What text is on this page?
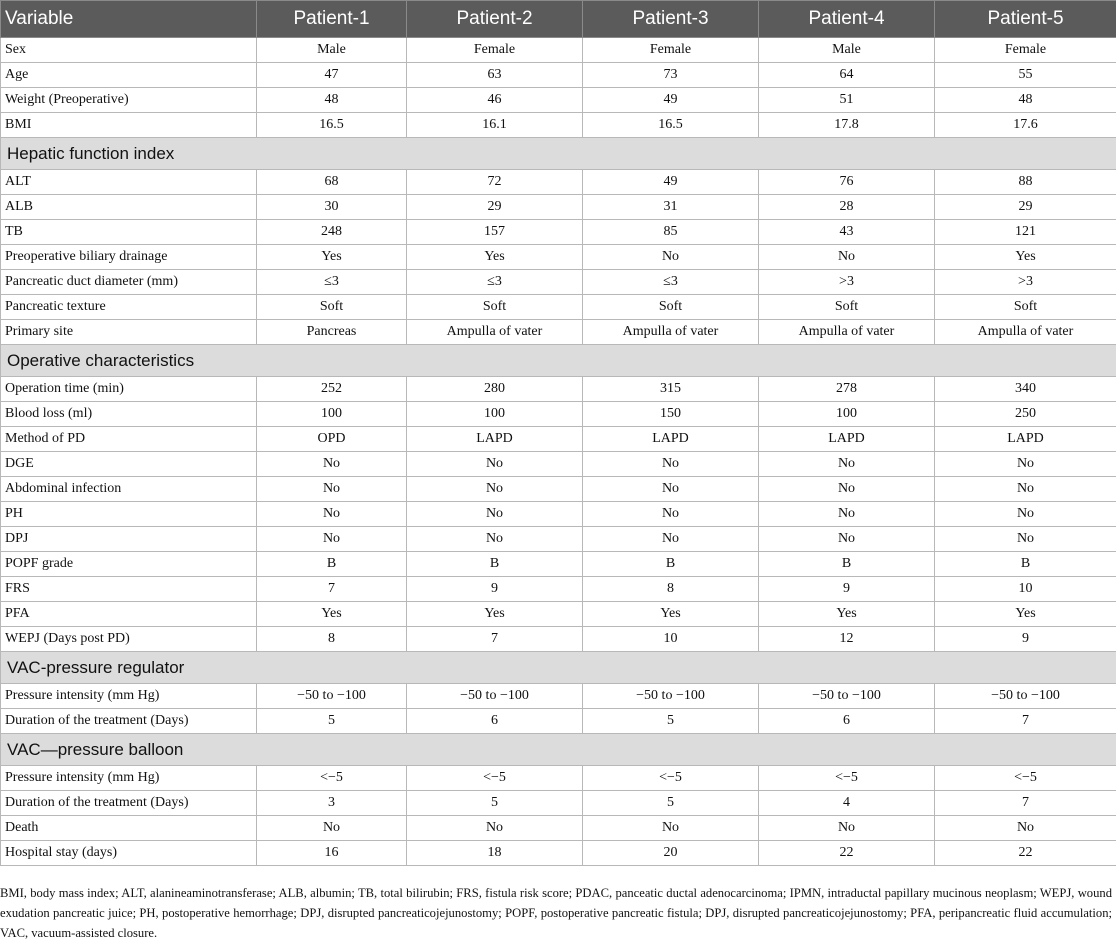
Variable	Patient-1	Patient-2	Patient-3	Patient-4	Patient-5
Sex	Male	Female	Female	Male	Female
Age	47	63	73	64	55
Weight (Preoperative)	48	46	49	51	48
BMI	16.5	16.1	16.5	17.8	17.6
Hepatic function index					
ALT	68	72	49	76	88
ALB	30	29	31	28	29
TB	248	157	85	43	121
Preoperative biliary drainage	Yes	Yes	No	No	Yes
Pancreatic duct diameter (mm)	≤3	≤3	≤3	>3	>3
Pancreatic texture	Soft	Soft	Soft	Soft	Soft
Primary site	Pancreas	Ampulla of vater	Ampulla of vater	Ampulla of vater	Ampulla of vater
Operative characteristics					
Operation time (min)	252	280	315	278	340
Blood loss (ml)	100	100	150	100	250
Method of PD	OPD	LAPD	LAPD	LAPD	LAPD
DGE	No	No	No	No	No
Abdominal infection	No	No	No	No	No
PH	No	No	No	No	No
DPJ	No	No	No	No	No
POPF grade	B	B	B	B	B
FRS	7	9	8	9	10
PFA	Yes	Yes	Yes	Yes	Yes
WEPJ (Days post PD)	8	7	10	12	9
VAC-pressure regulator					
Pressure intensity (mm Hg)	−50 to −100	−50 to −100	−50 to −100	−50 to −100	−50 to −100
Duration of the treatment (Days)	5	6	5	6	7
VAC—pressure balloon					
Pressure intensity (mm Hg)	<−5	<−5	<−5	<−5	<−5
Duration of the treatment (Days)	3	5	5	4	7
Death	No	No	No	No	No
Hospital stay (days)	16	18	20	22	22

BMI, body mass index; ALT, alanineaminotransferase; ALB, albumin; TB, total bilirubin; FRS, fistula risk score; PDAC, panceatic ductal adenocarcinoma; IPMN, intraductal papillary mucinous neoplasm; WEPJ, wound exudation pancreatic juice; PH, postoperative hemorrhage; DPJ, disrupted pancreaticojejunostomy; POPF, postoperative pancreatic fistula; DPJ, disrupted pancreaticojejunostomy; PFA, peripancreatic fluid accumulation; VAC, vacuum-assisted closure.
